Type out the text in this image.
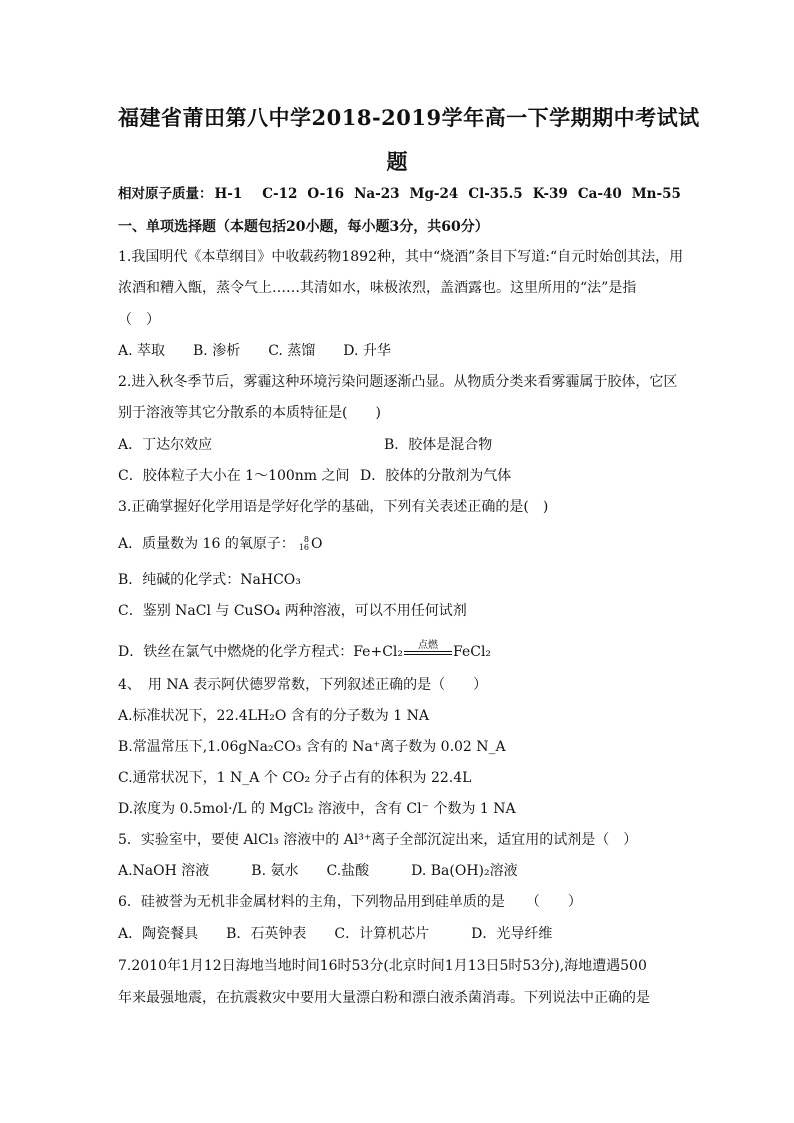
福建省莆田第八中学2018-2019学年高一下学期期中考试试
题
相对原子质量： H-1 C-12 O-16 Na-23 Mg-24 Cl-35.5 K-39 Ca-40 Mn-55
一、单项选择题（本题包括20小题，每小题3分，共60分）
1.我国明代《本草纲目》中收载药物1892种，其中“烧酒”条目下写道:“自元时始创其法，用
浓酒和糟入甑，蒸令气上……其清如水，味极浓烈，盖酒露也。这里所用的“法”是指
（　）
A. 萃取　　B. 渗析　　C. 蒸馏　　D. 升华
2.进入秋冬季节后，雾霾这种环境污染问题逐渐凸显。从物质分类来看雾霾属于胶体，它区
别于溶液等其它分散系的本质特征是(　　)
A．丁达尔效应	B．胶体是混合物
C．胶体粒子大小在 1～100nm 之间 D．胶体的分散剂为气体
3.正确掌握好化学用语是学好化学的基础，下列有关表述正确的是(　)
A．质量数为 16 的氧原子：	8
16 O
B．纯碱的化学式：NaHCO₃
C．鉴别 NaCl 与 CuSO₄ 两种溶液，可以不用任何试剂
D．铁丝在氯气中燃烧的化学方程式：Fe+Cl₂	点燃	FeCl₂
4、　用 NA 表示阿伏德罗常数，下列叙述正确的是（　　）
A.标准状况下，22.4LH₂O 含有的分子数为 1 NA
B.常温常压下,1.06gNa₂CO₃ 含有的 Na⁺离子数为 0.02 N_A
C.通常状况下，1 N_A 个 CO₂ 分子占有的体积为 22.4L
D.浓度为 0.5mol·/L 的 MgCl₂ 溶液中，含有 Cl⁻ 个数为 1 NA
5．实验室中，要使 AlCl₃ 溶液中的 Al³⁺离子全部沉淀出来，适宜用的试剂是（　）
A.NaOH 溶液　　　B. 氨水　　C.盐酸　　　D. Ba(OH)₂溶液
6．硅被誉为无机非金属材料的主角，下列物品用到硅单质的是　　（　　）
A．陶瓷餐具　　B．石英钟表　　C．计算机芯片　　　D．光导纤维
7.2010年1月12日海地当地时间16时53分(北京时间1月13日5时53分),海地遭遇500
年来最强地震，在抗震救灾中要用大量漂白粉和漂白液杀菌消毒。下列说法中正确的是
